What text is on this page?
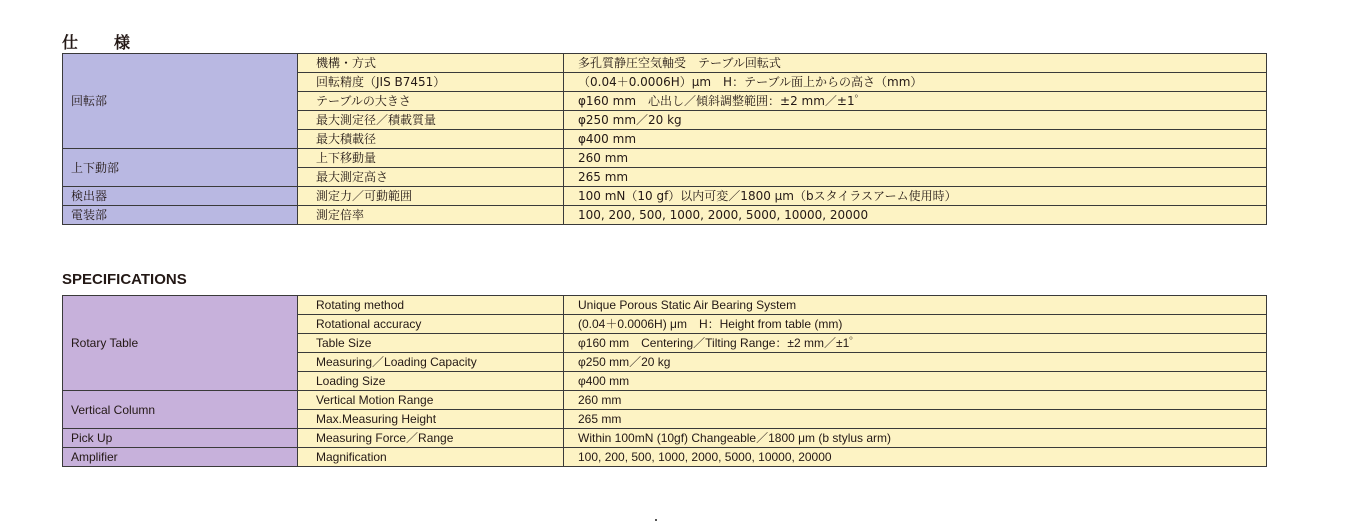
仕　様
回転部	機構・方式	多孔質静圧空気軸受　テーブル回転式
	回転精度（JIS B7451）	（0.04＋0.0006H）μm　H：テーブル面上からの高さ（mm）
	テーブルの大きさ	φ160 mm　心出し／傾斜調整範囲：±2 mm／±1゜
	最大測定径／積載質量	φ250 mm／20 kg
	最大積載径	φ400 mm
上下動部	上下移動量	260 mm
	最大測定高さ	265 mm
検出器	測定力／可動範囲	100 mN（10 gf）以内可変／1800 μm（bスタイラスアーム使用時）
電装部	測定倍率	100, 200, 500, 1000, 2000, 5000, 10000, 20000
SPECIFICATIONS
Rotary Table	Rotating method	Unique Porous Static Air Bearing System
	Rotational accuracy	(0.04＋0.0006H) μm　H：Height from table (mm)
	Table Size	φ160 mm　Centering／Tilting Range：±2 mm／±1゜
	Measuring／Loading Capacity	φ250 mm／20 kg
	Loading Size	φ400 mm
Vertical Column	Vertical Motion Range	260 mm
	Max.Measuring Height	265 mm
Pick Up	Measuring Force／Range	Within 100mN (10gf) Changeable／1800 μm (b stylus arm)
Amplifier	Magnification	100, 200, 500, 1000, 2000, 5000, 10000, 20000
